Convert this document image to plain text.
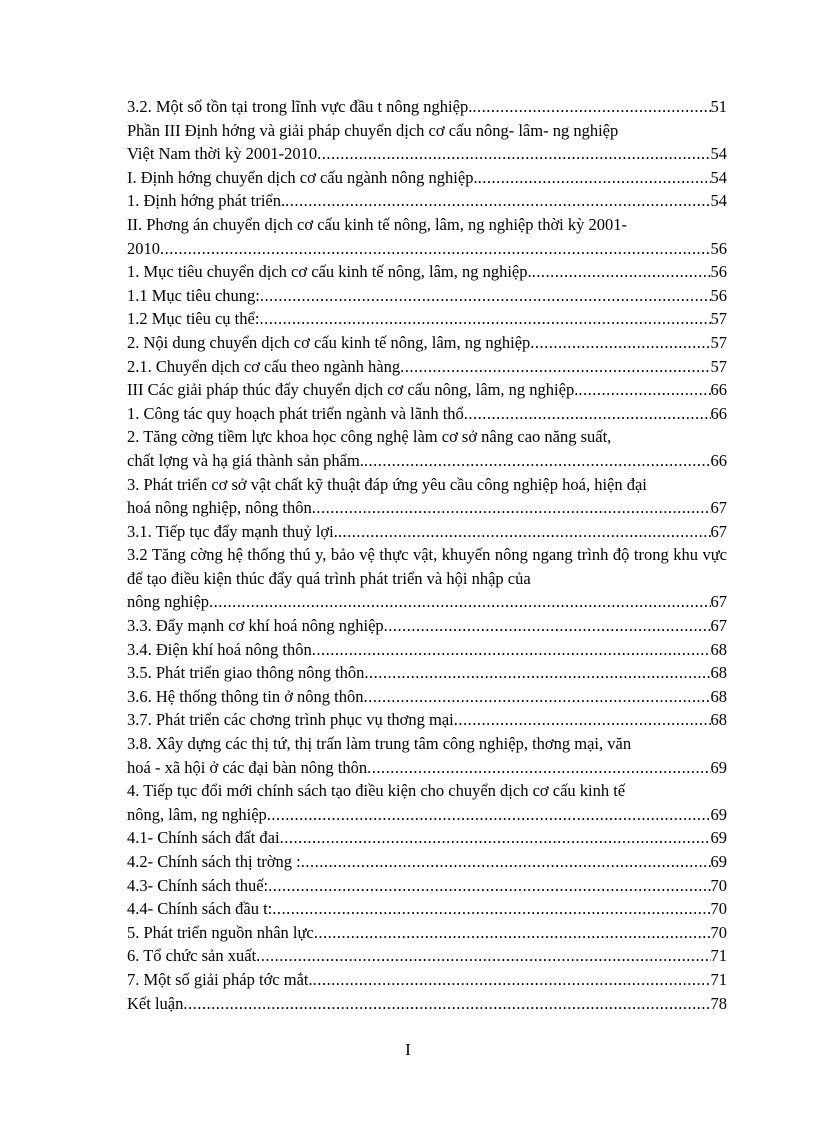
3.2. Một số tồn tại trong lĩnh vực đầu t nông nghiệp. .....	51
Phần III Định hớng và giải pháp chuyển dịch cơ cấu nông- lâm- ng nghiệp
Việt Nam thời kỳ 2001-2010 .....	54
I. Định hớng chuyển dịch cơ cấu ngành nông nghiệp. .....	54
1. Định hớng phát triển. .....	54
II. Phơng án chuyển dịch cơ cấu kinh tế nông, lâm, ng nghiệp thời kỳ 2001-
2010 .....	56
1. Mục tiêu chuyển dịch cơ cấu kinh tế nông, lâm, ng nghiệp. .....	56
1.1 Mục tiêu chung: .....	56
1.2 Mục tiêu cụ thể: .....	57
2. Nội dung chuyển dịch cơ cấu kinh tế nông, lâm, ng nghiệp .....	57
2.1. Chuyển dịch cơ cấu theo ngành hàng .....	57
III Các giải pháp thúc đẩy chuyển dịch cơ cấu nông, lâm, ng nghiệp. .....	66
1. Công tác quy hoạch phát triển ngành và lãnh thổ .....	66
2. Tăng cờng tiềm lực khoa học công nghệ làm cơ sở nâng cao năng suất,
chất lợng và hạ giá thành sản phẩm. .....	66
3. Phát triển cơ sở vật chất kỹ thuật đáp ứng yêu cầu công nghiệp hoá, hiện đại
hoá nông nghiệp, nông thôn .....	67
3.1. Tiếp tục đẩy mạnh thuỷ lợi. .....	67
3.2 Tăng cờng hệ thống thú y, bảo vệ thực vật, khuyến nông ngang trình độ trong khu vực để tạo điều kiện thúc đẩy quá trình phát triển và hội nhập của
nông nghiệp .....	67
3.3. Đẩy mạnh cơ khí hoá nông nghiệp .....	67
3.4. Điện khí hoá nông thôn .....	68
3.5. Phát triển giao thông nông thôn .....	68
3.6. Hệ thống thông tin ở nông thôn .....	68
3.7. Phát triển các chơng trình phục vụ thơng mại .....	68
3.8. Xây dựng các thị tứ, thị trấn làm trung tâm công nghiệp, thơng mại, văn
hoá - xã hội ở các đại bàn nông thôn .....	69
4. Tiếp tục đổi mới chính sách tạo điều kiện cho chuyển dịch cơ cấu kinh tế
nông, lâm, ng nghiệp .....	69
4.1- Chính sách đất đai .....	69
4.2- Chính sách thị trờng : .....	69
4.3- Chính sách thuế: .....	70
4.4- Chính sách đầu t: .....	70
5. Phát triển nguồn nhân lực .....	70
6. Tổ chức sản xuất .....	71
7. Một số giải pháp tớc mắt. .....	71
Kết luận .....	78
I
